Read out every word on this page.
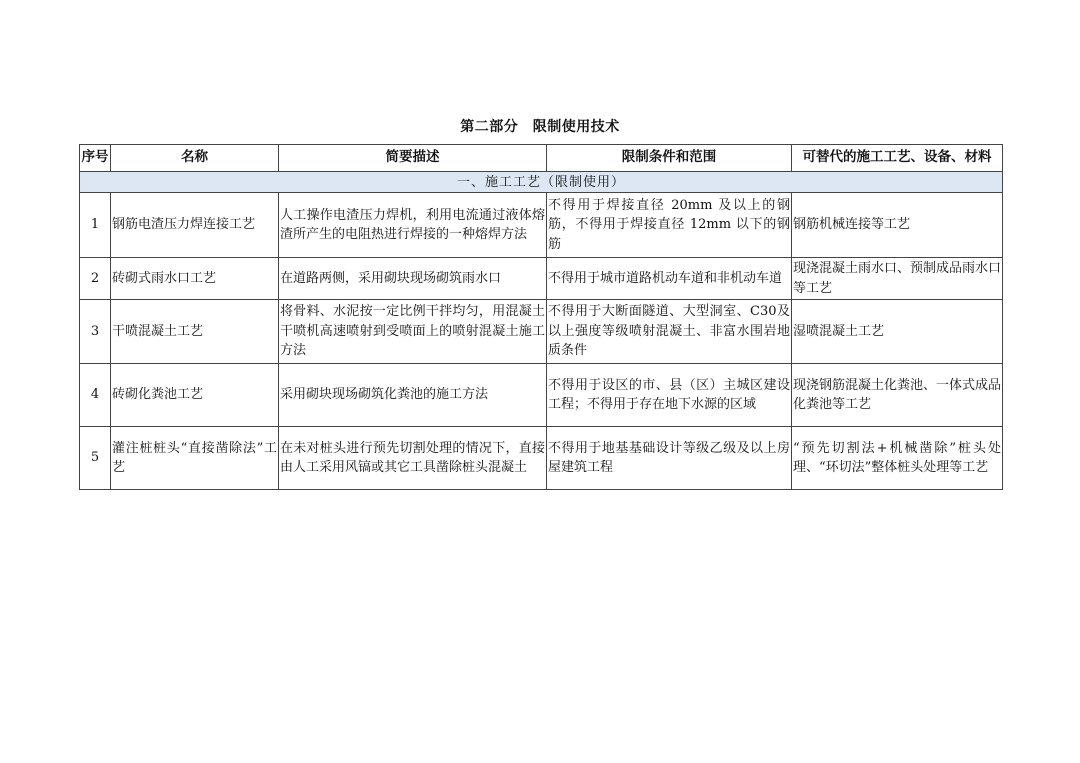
第二部分　限制使用技术
序号	名称	简要描述	限制条件和范围	可替代的施工工艺、设备、材料
一、施工工艺（限制使用）				
1	钢筋电渣压力焊连接工艺	人工操作电渣压力焊机，利用电流通过液体熔渣所产生的电阻热进行焊接的一种熔焊方法	不得用于焊接直径 20mm 及以上的钢筋，不得用于焊接直径 12mm 以下的钢筋	钢筋机械连接等工艺
2	砖砌式雨水口工艺	在道路两侧，采用砌块现场砌筑雨水口	不得用于城市道路机动车道和非机动车道	现浇混凝土雨水口、预制成品雨水口等工艺
3	干喷混凝土工艺	将骨料、水泥按一定比例干拌均匀，用混凝土干喷机高速喷射到受喷面上的喷射混凝土施工方法	不得用于大断面隧道、大型洞室、C30及以上强度等级喷射混凝土、非富水围岩地质条件	湿喷混凝土工艺
4	砖砌化粪池工艺	采用砌块现场砌筑化粪池的施工方法	不得用于设区的市、县（区）主城区建设工程；不得用于存在地下水源的区域	现浇钢筋混凝土化粪池、一体式成品化粪池等工艺
5	灌注桩桩头“直接凿除法”工艺	在未对桩头进行预先切割处理的情况下，直接由人工采用风镐或其它工具凿除桩头混凝土	不得用于地基基础设计等级乙级及以上房屋建筑工程	“预先切割法+机械凿除”桩头处理、“环切法”整体桩头处理等工艺
